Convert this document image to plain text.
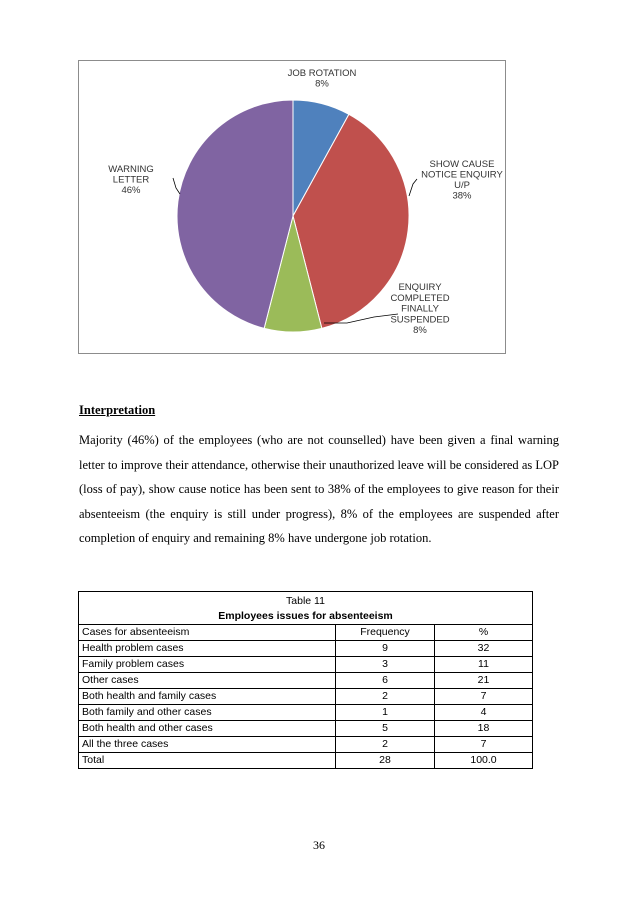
JOB ROTATION
8%
SHOW CAUSE
NOTICE ENQUIRY
U/P
38%
ENQUIRY
COMPLETED
FINALLY
SUSPENDED
8%
WARNING
LETTER
46%
Interpretation
Majority (46%) of the employees (who are not counselled) have been given a final warning letter to improve their attendance, otherwise their unauthorized leave will be considered as LOP (loss of pay), show cause notice has been sent to 38% of the employees to give reason for their absenteeism (the enquiry is still under progress), 8% of the employees are suspended after completion of enquiry and remaining 8% have undergone job rotation.
Table 11
Employees issues for absenteeism		

Cases for absenteeism	Frequency	%
Health problem cases	9	32
Family problem cases	3	11
Other cases	6	21
Both health and family cases	2	7
Both family and other cases	1	4
Both health and other cases	5	18
All the three cases	2	7
Total	28	100.0
36
